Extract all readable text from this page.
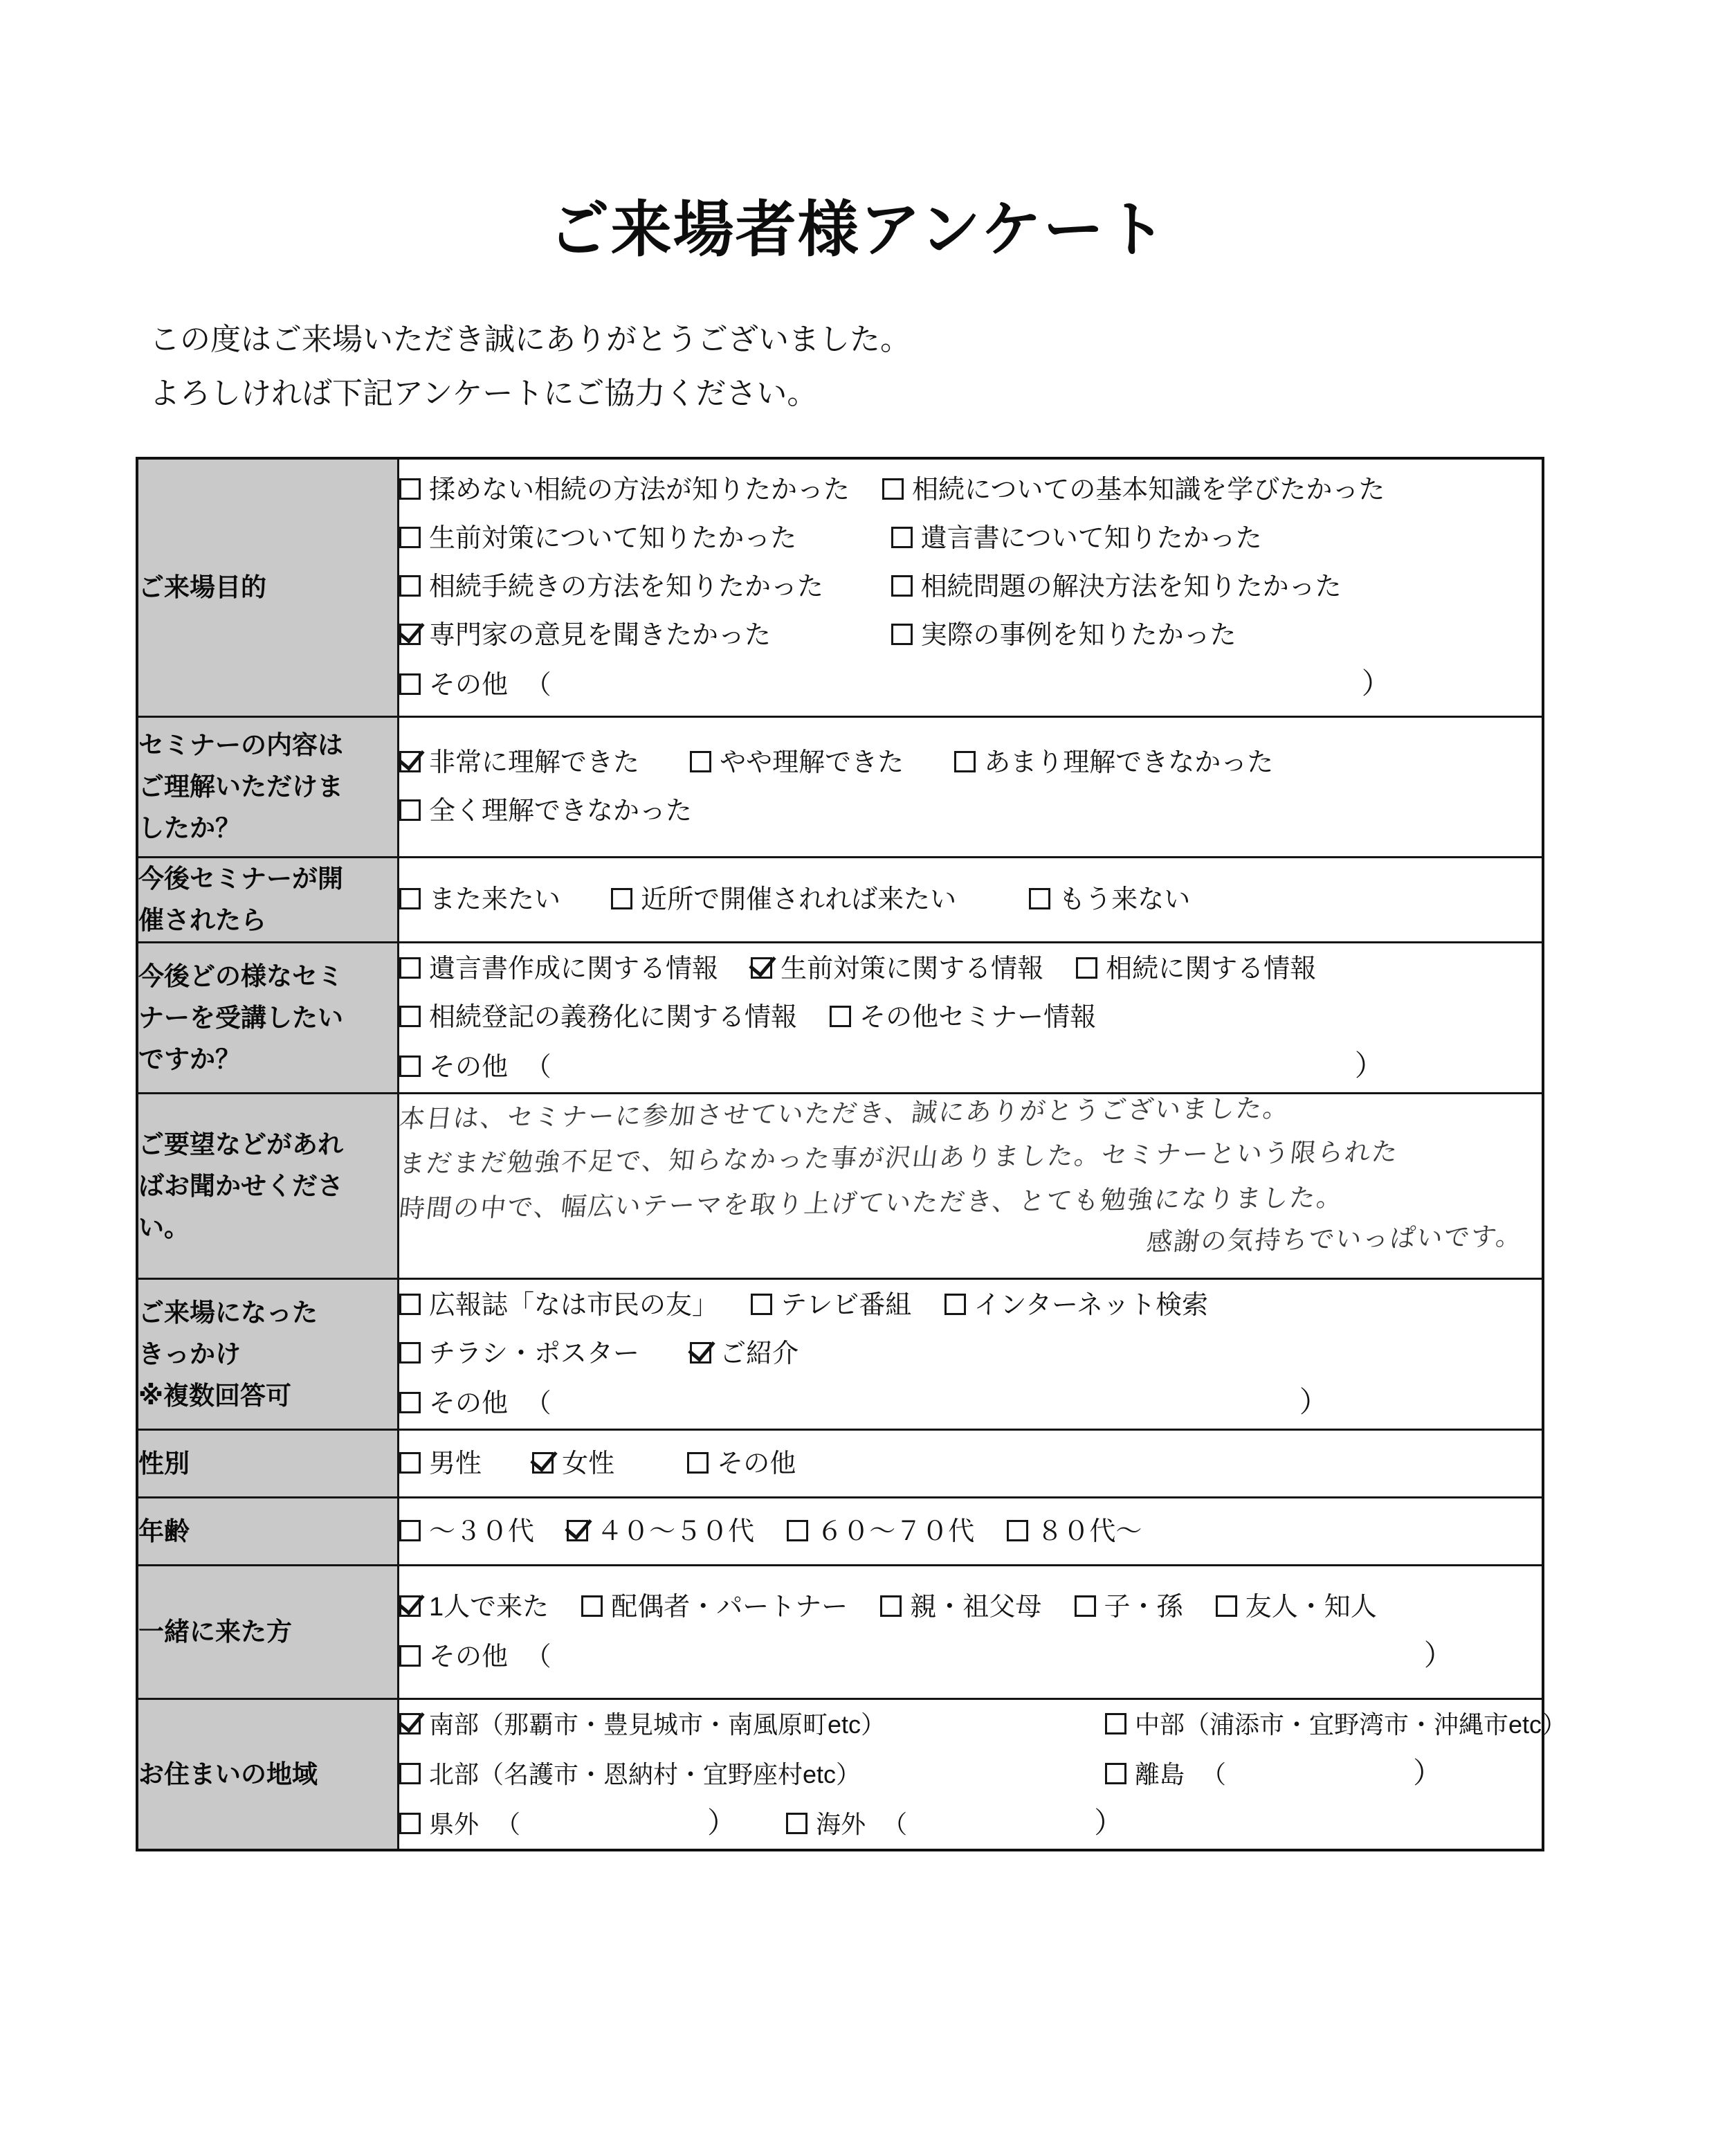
ご来場者様アンケート
この度はご来場いただき誠にありがとうございました。
よろしければ下記アンケートにご協力ください。
ご来場目的	揉めない相続の方法が知りたかった 相続についての基本知識を学びたかった
生前対策について知りたかった 遺言書について知りたかった
相続手続きの方法を知りたかった 相続問題の解決方法を知りたかった
専門家の意見を聞きたかった 実際の事例を知りたかった
その他 （ ）

セミナーの内容は
ご理解いただけま
したか？	非常に理解できた やや理解できた あまり理解できなかった
全く理解できなかった

今後セミナーが開
催されたら	また来たい 近所で開催されれば来たい もう来ない

今後どの様なセミ
ナーを受講したい
ですか？	遺言書作成に関する情報 生前対策に関する情報 相続に関する情報
相続登記の義務化に関する情報 その他セミナー情報
その他 （ ）

ご要望などがあれ
ばお聞かせくださ
い。	本日は、セミナーに参加させていただき、誠にありがとうございました。
まだまだ勉強不足で、知らなかった事が沢山ありました。セミナーという限られた
時間の中で、幅広いテーマを取り上げていただき、とても勉強になりました。
感謝の気持ちでいっぱいです。

ご来場になった
きっかけ
※複数回答可	広報誌「なは市民の友」 テレビ番組 インターネット検索
チラシ・ポスター ご紹介
その他 （ ）

性別	男性 女性 その他

年齢	～３０代 ４０～５０代 ６０～７０代 ８０代～

一緒に来た方	1人で来た 配偶者・パートナー 親・祖父母 子・孫 友人・知人
その他 （ ）

お住まいの地域	南部（那覇市・豊見城市・南風原町etc） 中部（浦添市・宜野湾市・沖縄市etc）
北部（名護市・恩納村・宜野座村etc） 離島 （ ）
県外 （ ） 海外 （ ）
